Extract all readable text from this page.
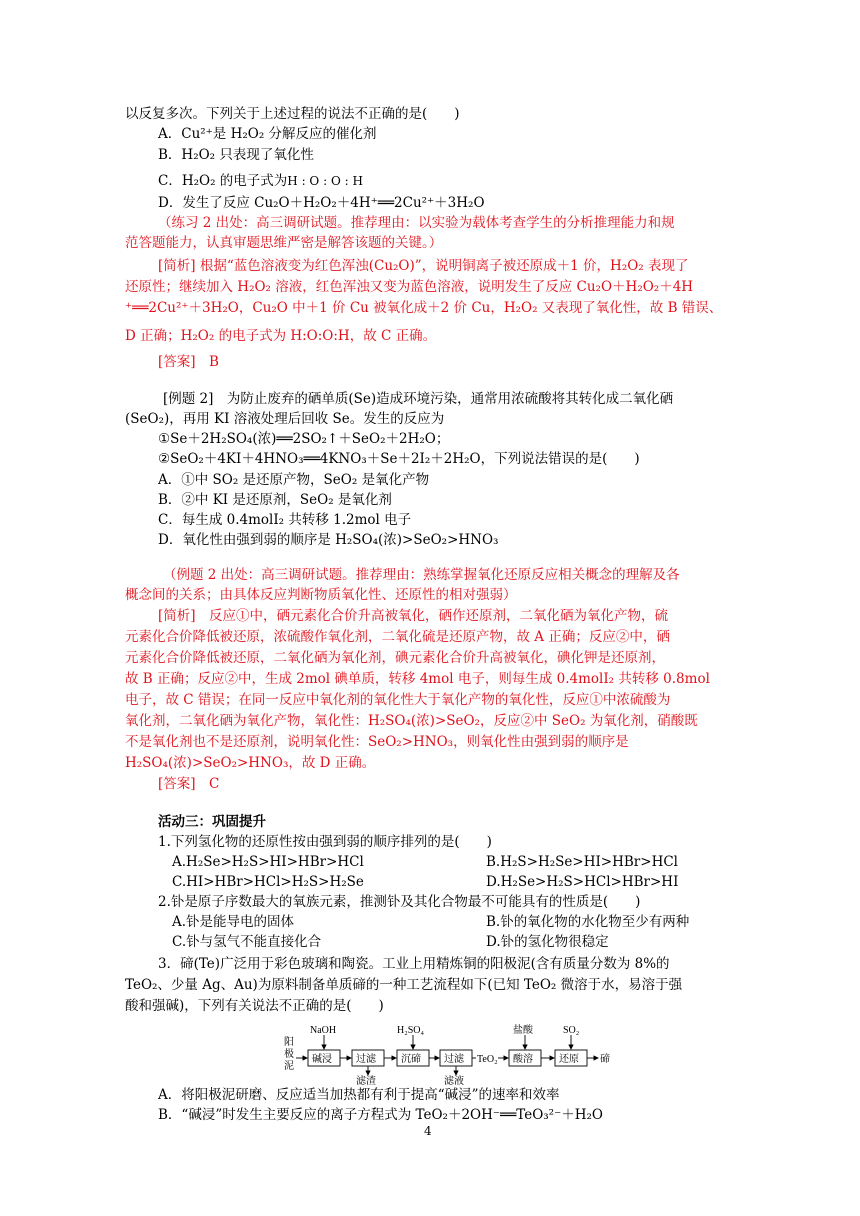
以反复多次。下列关于上述过程的说法不正确的是(　　)
A．Cu²⁺是 H₂O₂ 分解反应的催化剂
B．H₂O₂ 只表现了氧化性
C．H₂O₂ 的电子式为H : O : O : H
D．发生了反应 Cu₂O＋H₂O₂＋4H⁺══2Cu²⁺＋3H₂O
（练习 2 出处：高三调研试题。推荐理由：以实验为载体考查学生的分析推理能力和规
范答题能力，认真审题思维严密是解答该题的关键。）
[简析] 根据“蓝色溶液变为红色浑浊(Cu₂O)”，说明铜离子被还原成＋1 价，H₂O₂ 表现了
还原性；继续加入 H₂O₂ 溶液，红色浑浊又变为蓝色溶液，说明发生了反应 Cu₂O＋H₂O₂＋4H
⁺══2Cu²⁺＋3H₂O，Cu₂O 中＋1 价 Cu 被氧化成＋2 价 Cu，H₂O₂ 又表现了氧化性，故 B 错误、
D 正确；H₂O₂ 的电子式为 H:O:O:H，故 C 正确。
[答案]　B
[例题 2]　为防止废弃的硒单质(Se)造成环境污染，通常用浓硫酸将其转化成二氧化硒
(SeO₂)，再用 KI 溶液处理后回收 Se。发生的反应为
①Se＋2H₂SO₄(浓)══2SO₂↑＋SeO₂＋2H₂O；
②SeO₂＋4KI＋4HNO₃══4KNO₃＋Se＋2I₂＋2H₂O，下列说法错误的是(　　)
A．①中 SO₂ 是还原产物，SeO₂ 是氧化产物
B．②中 KI 是还原剂，SeO₂ 是氧化剂
C．每生成 0.4molI₂ 共转移 1.2mol 电子
D．氧化性由强到弱的顺序是 H₂SO₄(浓)>SeO₂>HNO₃
（例题 2 出处：高三调研试题。推荐理由：熟练掌握氧化还原反应相关概念的理解及各
概念间的关系；由具体反应判断物质氧化性、还原性的相对强弱）
[简析]　反应①中，硒元素化合价升高被氧化，硒作还原剂，二氧化硒为氧化产物，硫
元素化合价降低被还原，浓硫酸作氧化剂，二氧化硫是还原产物，故 A 正确；反应②中，硒
元素化合价降低被还原，二氧化硒为氧化剂，碘元素化合价升高被氧化，碘化钾是还原剂，
故 B 正确；反应②中，生成 2mol 碘单质，转移 4mol 电子，则每生成 0.4molI₂ 共转移 0.8mol
电子，故 C 错误；在同一反应中氧化剂的氧化性大于氧化产物的氧化性，反应①中浓硫酸为
氧化剂，二氧化硒为氧化产物，氧化性：H₂SO₄(浓)>SeO₂，反应②中 SeO₂ 为氧化剂，硝酸既
不是氧化剂也不是还原剂，说明氧化性：SeO₂>HNO₃，则氧化性由强到弱的顺序是
H₂SO₄(浓)>SeO₂>HNO₃，故 D 正确。
[答案]　C
活动三：巩固提升
1.下列氢化物的还原性按由强到弱的顺序排列的是(　　)
A.H₂Se>H₂S>HI>HBr>HCl	B.H₂S>H₂Se>HI>HBr>HCl
C.HI>HBr>HCl>H₂S>H₂Se	D.H₂Se>H₂S>HCl>HBr>HI
2.钋是原子序数最大的氧族元素，推测钋及其化合物最不可能具有的性质是(　　)
A.钋是能导电的固体	B.钋的氧化物的水化物至少有两种
C.钋与氢气不能直接化合	D.钋的氢化物很稳定
3．碲(Te)广泛用于彩色玻璃和陶瓷。工业上用精炼铜的阳极泥(含有质量分数为 8%的
TeO₂、少量 Ag、Au)为原料制备单质碲的一种工艺流程如下(已知 TeO₂ 微溶于水，易溶于强
酸和强碱)，下列有关说法不正确的是(　　)
阳 极 泥
碱浸 过滤	沉碲 过滤	酸溶	还原
TeO₂	碲
NaOH	H₂SO₄	盐酸	SO₂
滤渣	滤液
A．将阳极泥研磨、反应适当加热都有利于提高“碱浸”的速率和效率
B．“碱浸”时发生主要反应的离子方程式为 TeO₂＋2OH⁻══TeO₃²⁻＋H₂O
4
